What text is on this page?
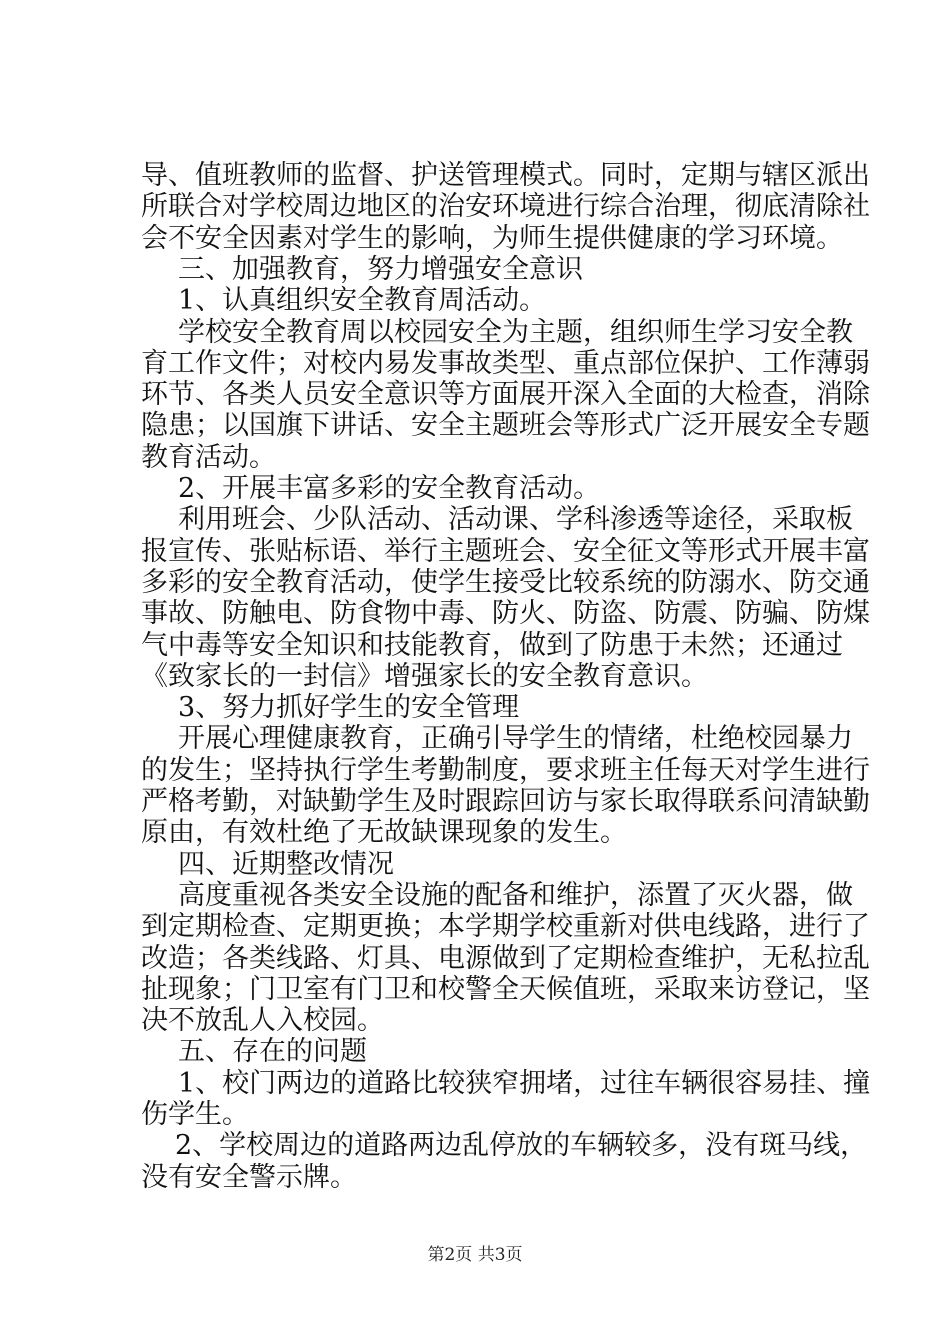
导、值班教师的监督、护送管理模式。同时，定期与辖区派出
所联合对学校周边地区的治安环境进行综合治理，彻底清除社
会不安全因素对学生的影响，为师生提供健康的学习环境。
三、加强教育，努力增强安全意识
1、认真组织安全教育周活动。
学校安全教育周以校园安全为主题，组织师生学习安全教
育工作文件；对校内易发事故类型、重点部位保护、工作薄弱
环节、各类人员安全意识等方面展开深入全面的大检查，消除
隐患；以国旗下讲话、安全主题班会等形式广泛开展安全专题
教育活动。
2、开展丰富多彩的安全教育活动。
利用班会、少队活动、活动课、学科渗透等途径，采取板
报宣传、张贴标语、举行主题班会、安全征文等形式开展丰富
多彩的安全教育活动，使学生接受比较系统的防溺水、防交通
事故、防触电、防食物中毒、防火、防盗、防震、防骗、防煤
气中毒等安全知识和技能教育，做到了防患于未然；还通过
《致家长的一封信》增强家长的安全教育意识。
3、努力抓好学生的安全管理
开展心理健康教育，正确引导学生的情绪，杜绝校园暴力
的发生；坚持执行学生考勤制度，要求班主任每天对学生进行
严格考勤，对缺勤学生及时跟踪回访与家长取得联系问清缺勤
原由，有效杜绝了无故缺课现象的发生。
四、近期整改情况
高度重视各类安全设施的配备和维护，添置了灭火器，做
到定期检查、定期更换；本学期学校重新对供电线路，进行了
改造；各类线路、灯具、电源做到了定期检查维护，无私拉乱
扯现象；门卫室有门卫和校警全天候值班，采取来访登记，坚
决不放乱人入校园。
五、存在的问题
1、校门两边的道路比较狭窄拥堵，过往车辆很容易挂、撞
伤学生。
2、学校周边的道路两边乱停放的车辆较多，没有斑马线，
没有安全警示牌。
第2页 共3页
